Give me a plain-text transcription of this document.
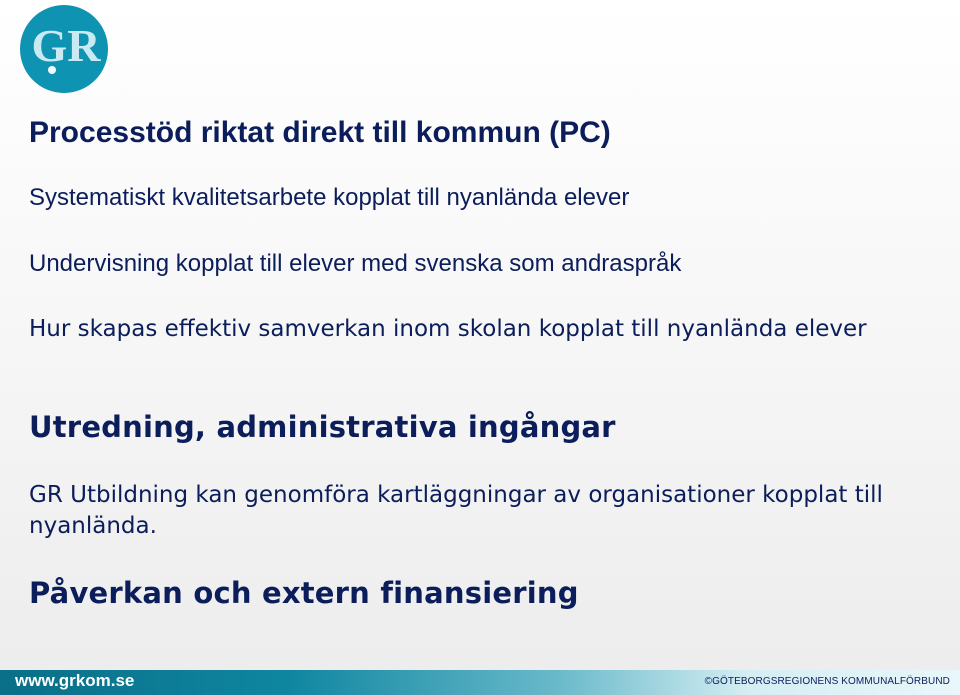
GR
Processtöd riktat direkt till kommun (PC)
Systematiskt kvalitetsarbete kopplat till nyanlända elever
Undervisning kopplat till elever med svenska som andraspråk
Hur skapas effektiv samverkan inom skolan kopplat till nyanlända elever
Utredning, administrativa ingångar
GR Utbildning kan genomföra kartläggningar av organisationer kopplat till nyanlända.
Påverkan och extern finansiering
www.grkom.se	©GÖTEBORGSREGIONENS KOMMUNALFÖRBUND
